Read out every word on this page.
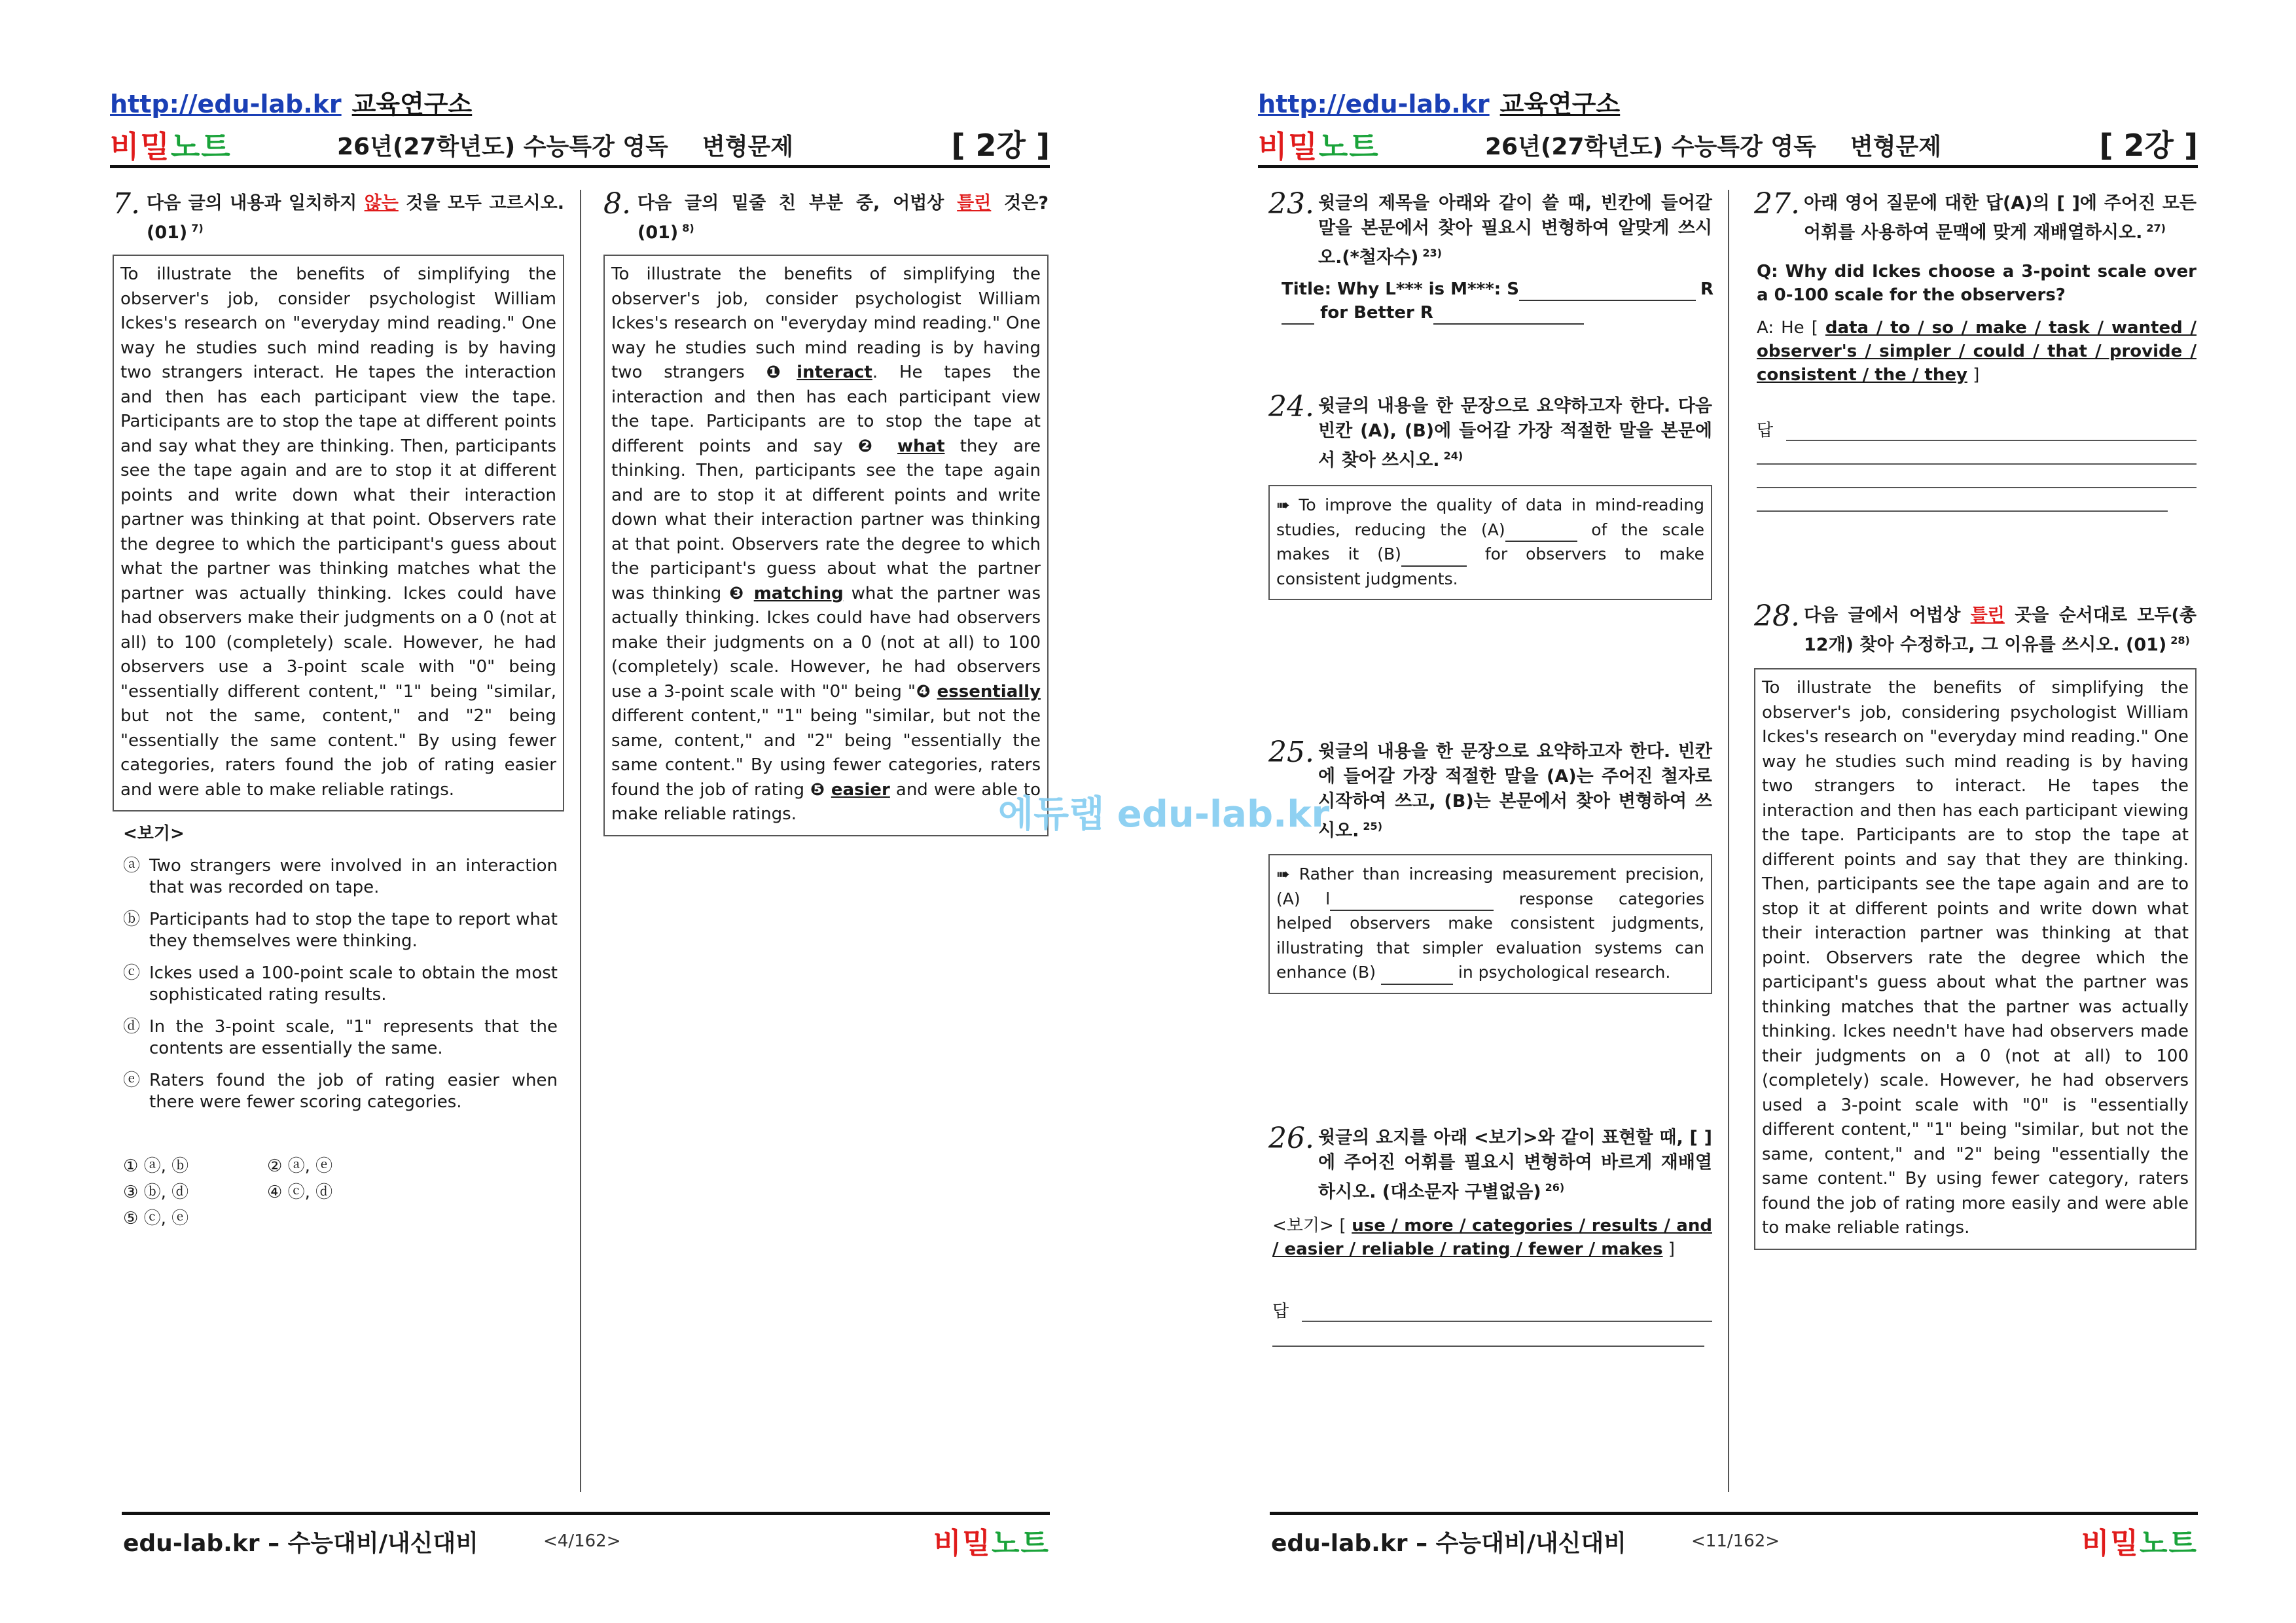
http://edu-lab.kr 교육연구소
비밀노트	26년(27학년도) 수능특강 영독 변형문제	[ 2강 ]
7. 다음 글의 내용과 일치하지 않는 것을 모두 고르시오. (01) $^{7)}$
To illustrate the benefits of simplifying the observer's job, consider psychologist William Ickes's research on "everyday mind reading." One way he studies such mind reading is by having two strangers interact. He tapes the interaction and then has each participant view the tape. Participants are to stop the tape at different points and say what they are thinking. Then, participants see the tape again and are to stop it at different points and write down what their interaction partner was thinking at that point. Observers rate the degree to which the participant's guess about what the partner was thinking matches what the partner was actually thinking. Ickes could have had observers make their judgments on a 0 (not at all) to 100 (completely) scale. However, he had observers use a 3-point scale with "0" being "essentially different content," "1" being "similar, but not the same, content," and "2" being "essentially the same content." By using fewer categories, raters found the job of rating easier and were able to make reliable ratings.
<보기>
ⓐ Two strangers were involved in an interaction that was recorded on tape.
ⓑ Participants had to stop the tape to report what they themselves were thinking.
ⓒ Ickes used a 100-point scale to obtain the most sophisticated rating results.
ⓓ In the 3-point scale, "1" represents that the contents are essentially the same.
ⓔ Raters found the job of rating easier when there were fewer scoring categories.
① ⓐ, ⓑ	② ⓐ, ⓔ
③ ⓑ, ⓓ	④ ⓒ, ⓓ
⑤ ⓒ, ⓔ
8. 다음 글의 밑줄 친 부분 중, 어법상 틀린 것은? (01) $^{8)}$
To illustrate the benefits of simplifying the observer's job, consider psychologist William Ickes's research on "everyday mind reading." One way he studies such mind reading is by having two strangers ❶interact. He tapes the interaction and then has each participant view the tape. Participants are to stop the tape at different points and say ❷ what they are thinking. Then, participants see the tape again and are to stop it at different points and write down what their interaction partner was thinking at that point. Observers rate the degree to which the participant's guess about what the partner was thinking ❸ matching what the partner was actually thinking. Ickes could have had observers make their judgments on a 0 (not at all) to 100 (completely) scale. However, he had observers use a 3-point scale with "0" being "❹ essentially different content," "1" being "similar, but not the same, content," and "2" being "essentially the same content." By using fewer categories, raters found the job of rating ❺ easier and were able to make reliable ratings.
edu-lab.kr – 수능대비/내신대비	<4/162>	비밀노트
http://edu-lab.kr 교육연구소
비밀노트	26년(27학년도) 수능특강 영독 변형문제	[ 2강 ]
23. 윗글의 제목을 아래와 같이 쓸 때, 빈칸에 들어갈 말을 본문에서 찾아 필요시 변형하여 알맞게 쓰시오.(*철자수) $^{23)}$
Title: Why L*** is M***: S	R

for Better R
24. 윗글의 내용을 한 문장으로 요약하고자 한다. 다음 빈칸 (A), (B)에 들어갈 가장 적절한 말을 본문에서 찾아 쓰시오. $^{24)}$
➠ To improve the quality of data in mind-reading studies, reducing the (A)	of the scale makes it (B)	for observers to make consistent judgments.
25. 윗글의 내용을 한 문장으로 요약하고자 한다. 빈칸에 들어갈 가장 적절한 말을 (A)는 주어진 철자로 시작하여 쓰고, (B)는 본문에서 찾아 변형하여 쓰시오. $^{25)}$
➠ Rather than increasing measurement precision, (A) l	response categories helped observers make consistent judgments, illustrating that simpler evaluation systems can enhance (B)	in psychological research.
26. 윗글의 요지를 아래 <보기>와 같이 표현할 때, [ ]에 주어진 어휘를 필요시 변형하여 바르게 재배열하시오. (대소문자 구별없음) $^{26)}$
<보기> [ use / more / categories / results / and / easier / reliable / rating / fewer / makes ]
답
27. 아래 영어 질문에 대한 답(A)의 [ ]에 주어진 모든 어휘를 사용하여 문맥에 맞게 재배열하시오. $^{27)}$
Q: Why did Ickes choose a 3-point scale over a 0-100 scale for the observers?
A: He [ data / to / so / make / task / wanted / observer's / simpler / could / that / provide / consistent / the / they ]
답
28. 다음 글에서 어법상 틀린 곳을 순서대로 모두(총 12개) 찾아 수정하고, 그 이유를 쓰시오. (01) $^{28)}$
To illustrate the benefits of simplifying the observer's job, considering psychologist William Ickes's research on "everyday mind reading." One way he studies such mind reading is by having two strangers to interact. He tapes the interaction and then has each participant viewing the tape. Participants are to stop the tape at different points and say that they are thinking. Then, participants see the tape again and are to stop it at different points and write down what their interaction partner was thinking at that point. Observers rate the degree which the participant's guess about what the partner was thinking matches that the partner was actually thinking. Ickes needn't have had observers made their judgments on a 0 (not at all) to 100 (completely) scale. However, he had observers used a 3-point scale with "0" is "essentially different content," "1" being "similar, but not the same, content," and "2" being "essentially the same content." By using fewer category, raters found the job of rating more easily and were able to make reliable ratings.
edu-lab.kr – 수능대비/내신대비	<11/162>	비밀노트
에듀랩 edu-lab.kr
